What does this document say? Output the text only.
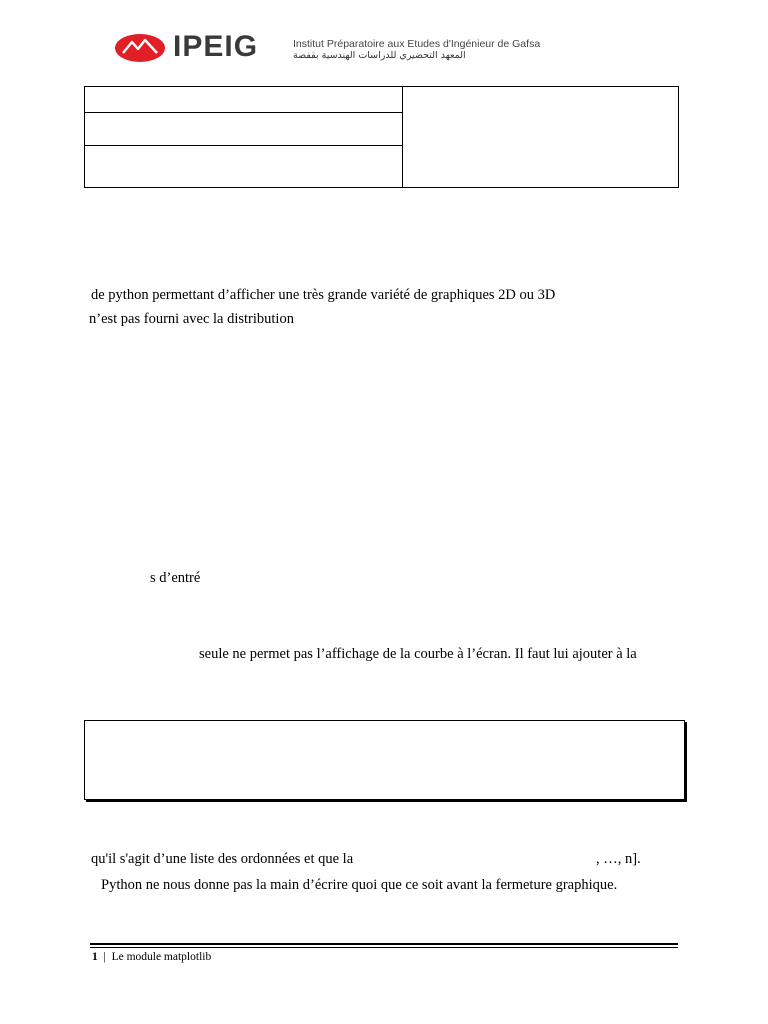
IPEIG	Institut Préparatoire aux Etudes d'Ingénieur de Gafsa
المعهد التحضيري للدراسات الهندسية بقفصة
de python permettant d’afficher une très grande variété de graphiques 2D ou 3D
n’est pas fourni avec la distribution
s d’entré
seule ne permet pas l’affichage de la courbe à l’écran. Il faut lui ajouter à la
qu'il s'agit d’une liste des ordonnées et que la	, …, n].
Python ne nous donne pas la main d’écrire quoi que ce soit avant la fermeture graphique.
1 | Le module matplotlib
